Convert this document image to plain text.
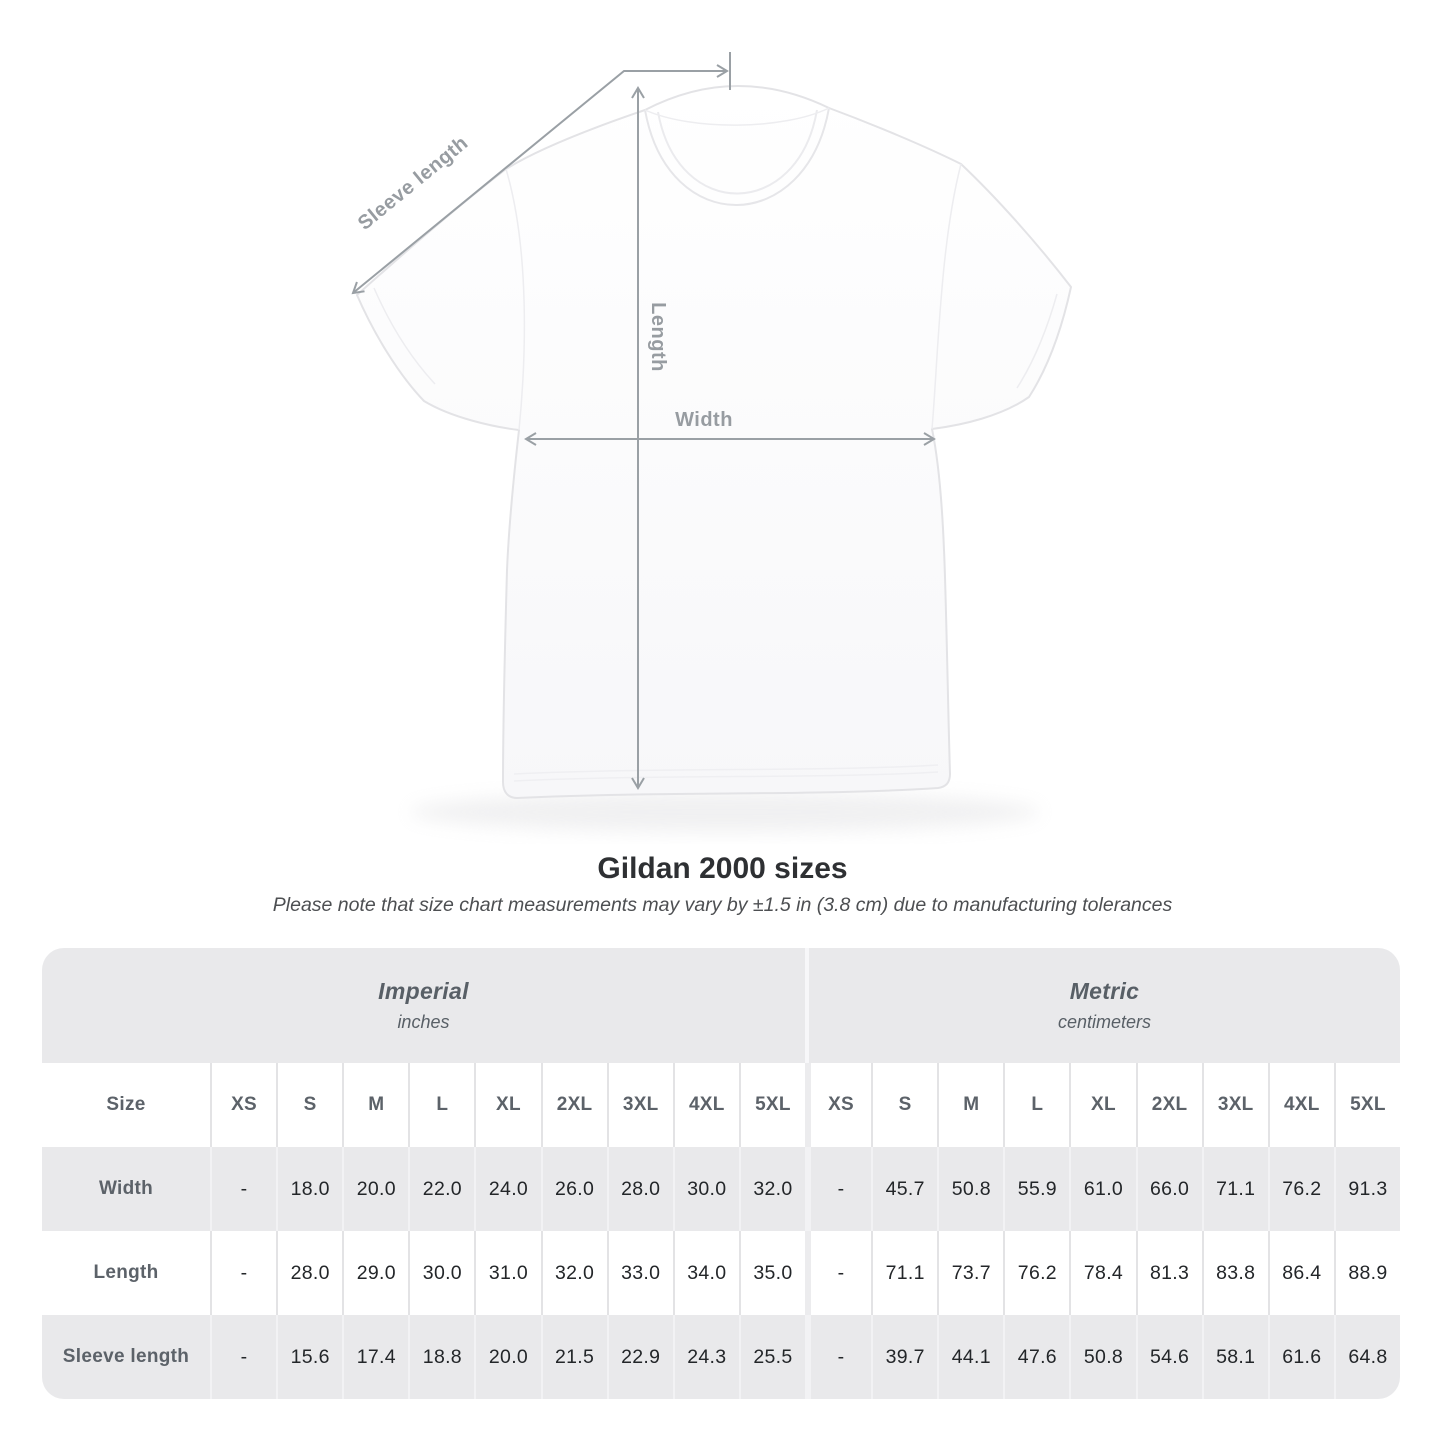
Sleeve length
Length
Width
Gildan 2000 sizes
Please note that size chart measurements may vary by ±1.5 in (3.8 cm) due to manufacturing tolerances
Imperial
inches
Metric
centimeters
Size	XS	S	M	L	XL	2XL	3XL	4XL	5XL	XS	S	M	L	XL	2XL	3XL	4XL	5XL
Width	-	18.0	20.0	22.0	24.0	26.0	28.0	30.0	32.0	-	45.7	50.8	55.9	61.0	66.0	71.1	76.2	91.3
Length	-	28.0	29.0	30.0	31.0	32.0	33.0	34.0	35.0	-	71.1	73.7	76.2	78.4	81.3	83.8	86.4	88.9
Sleeve length	-	15.6	17.4	18.8	20.0	21.5	22.9	24.3	25.5	-	39.7	44.1	47.6	50.8	54.6	58.1	61.6	64.8
